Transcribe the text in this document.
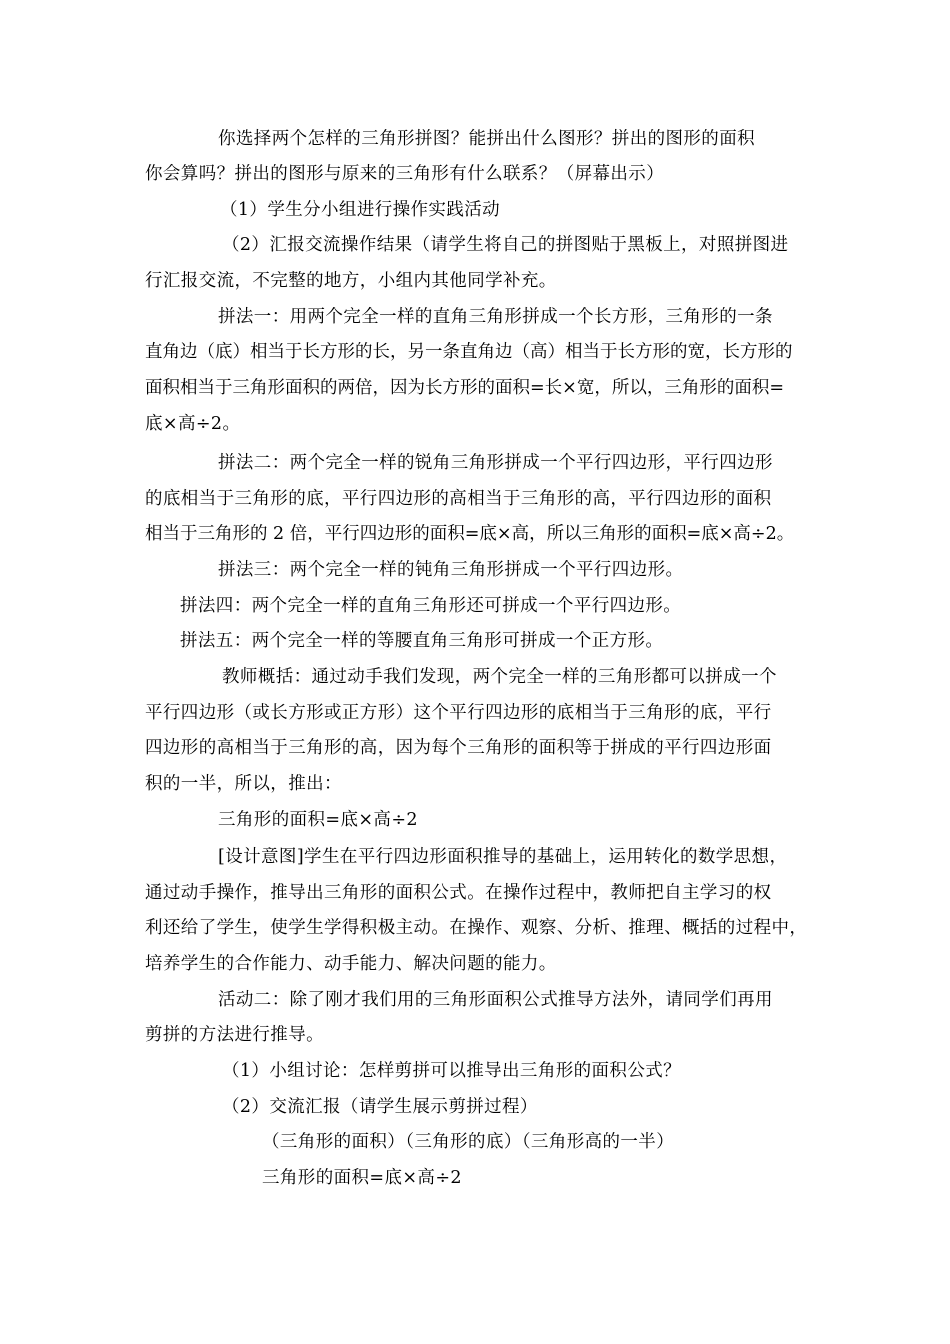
你选择两个怎样的三角形拼图？能拼出什么图形？拼出的图形的面积
你会算吗？拼出的图形与原来的三角形有什么联系？（屏幕出示）
（1）学生分小组进行操作实践活动
（2）汇报交流操作结果（请学生将自己的拼图贴于黑板上，对照拼图进
行汇报交流，不完整的地方，小组内其他同学补充。
拼法一：用两个完全一样的直角三角形拼成一个长方形，三角形的一条
直角边（底）相当于长方形的长，另一条直角边（高）相当于长方形的宽，长方形的
面积相当于三角形面积的两倍，因为长方形的面积=长×宽，所以，三角形的面积=
底×高÷2。
拼法二：两个完全一样的锐角三角形拼成一个平行四边形，平行四边形
的底相当于三角形的底，平行四边形的高相当于三角形的高，平行四边形的面积
相当于三角形的 2 倍，平行四边形的面积=底×高，所以三角形的面积=底×高÷2。
拼法三：两个完全一样的钝角三角形拼成一个平行四边形。
拼法四：两个完全一样的直角三角形还可拼成一个平行四边形。
拼法五：两个完全一样的等腰直角三角形可拼成一个正方形。
教师概括：通过动手我们发现，两个完全一样的三角形都可以拼成一个
平行四边形（或长方形或正方形）这个平行四边形的底相当于三角形的底，平行
四边形的高相当于三角形的高，因为每个三角形的面积等于拼成的平行四边形面
积的一半，所以，推出：
三角形的面积=底×高÷2
[设计意图]学生在平行四边形面积推导的基础上，运用转化的数学思想，
通过动手操作，推导出三角形的面积公式。在操作过程中，教师把自主学习的权
利还给了学生，使学生学得积极主动。在操作、观察、分析、推理、概括的过程中，
培养学生的合作能力、动手能力、解决问题的能力。
活动二：除了刚才我们用的三角形面积公式推导方法外，请同学们再用
剪拼的方法进行推导。
（1）小组讨论：怎样剪拼可以推导出三角形的面积公式？
（2）交流汇报（请学生展示剪拼过程）
（三角形的面积）（三角形的底）（三角形高的一半）
三角形的面积=底×高÷2
